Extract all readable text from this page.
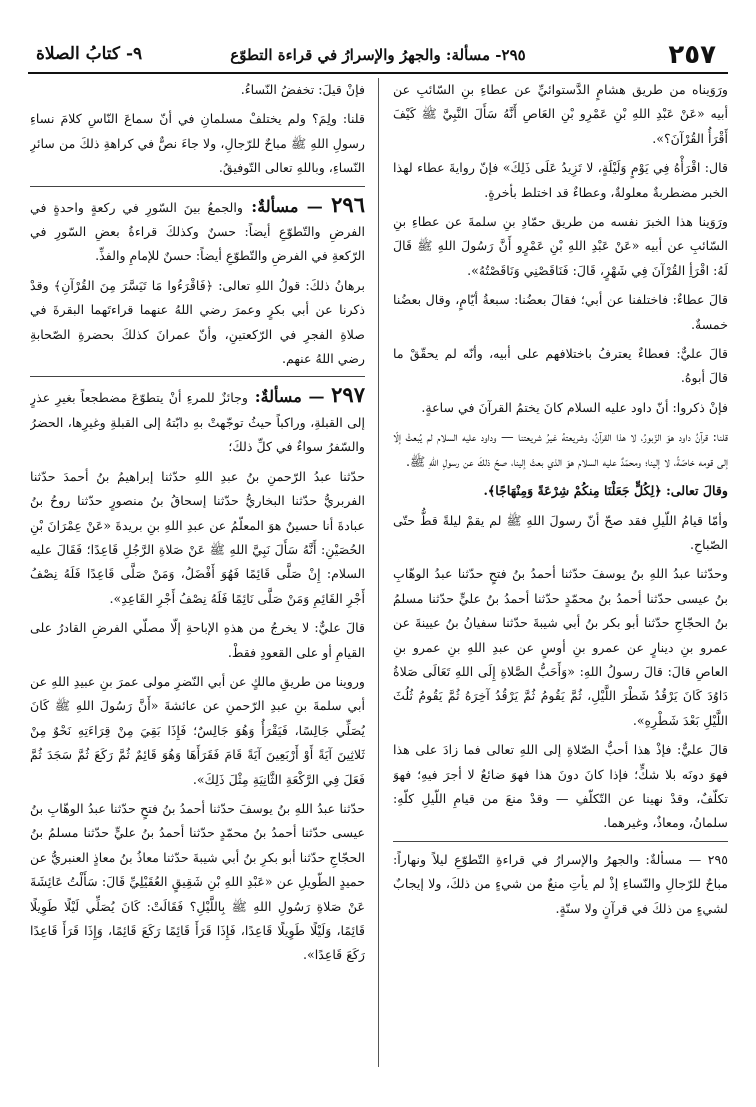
٢٥٧
٢٩٥- مسألة: والجهرُ والإسرارُ في قراءة التطوّع
٩- كتابُ الصلاة

ورَوَيناه من طريق هشامٍ الدَّستوائيِّ عن عطاءِ بنِ السّائبِ عن أبيه «عَنْ عَبْدِ اللهِ بْنِ عَمْرِو بْنِ العَاصِ أَنَّهُ سَأَلَ النَّبِيَّ ﷺ كَيْفَ أَقْرَأُ القُرْآنَ؟».

قال: اقْرَأْهُ فِي يَوْمٍ وَلَيْلَةٍ، لا تَزِيدُ عَلَى ذَلِكَ» فإنّ روايةَ عطاء لهذا الخبر مضطربةٌ معلولةٌ، وعطاءٌ قد اختلط بأخرةٍ.

ورَوَينا هذا الخبرَ نفسه من طريق حمّادِ بنِ سلمةَ عن عطاءِ بنِ السّائبِ عن أبيه «عَنْ عَبْدِ اللهِ بْنِ عَمْرٍو أَنَّ رَسُولَ اللهِ ﷺ قَالَ لَهُ: اقْرَأِ القُرْآنَ فِي شَهْرٍ، قَالَ: فَنَاقَصْنِي وَنَاقَصْتُهُ».

قالَ عطاءٌ: فاختلفنا عن أبي؛ فقالَ بعضُنا: سبعةُ أيّامٍ، وقال بعضُنا خمسةٌ.

قالَ عليٌّ: فعطاءٌ يعترفُ باختلافهم على أبيه، وأنّه لم يحقّقْ ما قالَ أبوهُ.

فإنْ ذكروا: أنّ داود عليه السلام كانَ يختمُ القرآنَ في ساعةٍ.

قلنا: قرآنُ داود هوَ الزّبورُ، لا هذا القرآنُ، وشريعتهُ غيرُ شريعتنا — وداود عليه السلام لم يُبعثْ إلّا إلى قومه خاصّةً، لا إلينا؛ ومحمّدٌ عليه السلام هوَ الذي بعثَ إلينا، صحّ ذلكَ عن رسولِ اللهِ ﷺ.

وقالَ تعالى: ﴿لِكُلٍّ جَعَلْنَا مِنكُمْ شِرْعَةً وَمِنْهَاجًا﴾.

وأمّا قيامُ اللّيلِ فقد صحّ أنّ رسولَ اللهِ ﷺ لم يقمْ ليلةً قطُّ حتّى الصّباحِ.

وحدّثنا عبدُ اللهِ بنُ يوسفَ حدّثنا أحمدُ بنُ فتحٍ حدّثنا عبدُ الوهّابِ بنُ عيسى حدّثنا أحمدُ بنُ محمّدٍ حدّثنا أحمدُ بنُ عليٍّ حدّثنا مسلمُ بنُ الحجّاجِ حدّثنا أبو بكر بنُ أبي شيبةَ حدّثنا سفيانُ بنُ عيينةَ عن عمرو بنِ دينارٍ عن عمرو بنِ أوسٍ عن عبدِ اللهِ بنِ عمرو بنِ العاصِ قالَ: قالَ رسولُ اللهِ: «وَأَحَبُّ الصَّلاةِ إِلَى اللهِ تَعَالَى صَلاةُ دَاوُدَ كَانَ يَرْقُدُ شَطْرَ اللَّيْلِ، ثُمَّ يَقُومُ ثُمَّ يَرْقُدُ آخِرَهُ ثُمَّ يَقُومُ ثُلُثَ اللَّيْلِ بَعْدَ شَطْرِهِ».

قالَ عليٌّ: فإذْ هذا أحبُّ الصّلاةِ إلى اللهِ تعالى فما زادَ على هذا فهوَ دونَه بلا شكٍّ؛ فإذا كانَ دونَ هذا فهوَ ضائعٌ لا أجرَ فيهِ؛ فهوَ تكلّفٌ، وقدْ نهينا عن التّكلّفِ — وقدْ منعَ من قيامِ اللّيلِ كلّهِ: سلمانُ، ومعاذٌ، وغيرهما.

٢٩٥ — مسألةٌ: والجهرُ والإسرارُ في قراءةِ التّطوّعِ ليلاً ونهاراً: مباحٌ للرّجالِ والنّساءِ إذْ لم يأتِ منعٌ من شيءٍ من ذلكَ، ولا إيجابٌ لشيءٍ من ذلكَ في قرآنٍ ولا سنّةٍ.

فإنْ قيلَ: تخفضُ النّساءُ.

قلنا: ولِمَ؟ ولم يختلفْ مسلمانِ في أنّ سماعَ النّاسِ كلامَ نساءِ رسولِ اللهِ ﷺ مباحٌ للرّجالِ، ولا جاءَ نصٌّ في كراهةِ ذلكَ من سائرِ النّساءِ، وباللهِ تعالى التّوفيقُ.

٢٩٦ — مسألةٌ: والجمعُ بينَ السّورِ في ركعةٍ واحدةٍ في الفرضِ والتّطوّعِ أيضاً: حسنٌ وكذلكَ قراءةُ بعضِ السّورِ في الرّكعةِ في الفرضِ والتّطوّعِ أيضاً: حسنٌ للإمامِ والفذِّ.

برهانُ ذلكَ: قولُ اللهِ تعالى: ﴿فَاقْرَءُوا مَا تَيَسَّرَ مِنَ القُرْآنِ﴾ وقدْ ذكرنا عن أبي بكرٍ وعمرَ رضي اللهُ عنهما قراءتَهما البقرةَ في صلاةِ الفجرِ في الرّكعتينِ، وأنّ عمرانَ كذلكَ بحضرةِ الصّحابةِ رضي اللهُ عنهم.

٢٩٧ — مسألةٌ: وجائزٌ للمرءِ أنْ يتطوّعَ مضطجعاً بغيرِ عذرٍ إلى القبلةِ، وراكباً حيثُ توجّهتْ بهِ دابّتهُ إلى القبلةِ وغيرِها، الحضرُ والسّفرُ سواءٌ في كلِّ ذلكَ؛

حدّثنا عبدُ الرّحمنِ بنُ عبدِ اللهِ حدّثنا إبراهيمُ بنُ أحمدَ حدّثنا الفربريُّ حدّثنا البخاريُّ حدّثنا إسحاقُ بنُ منصورٍ حدّثنا روحُ بنُ عبادةَ أنا حسينٌ هوَ المعلّمُ عن عبدِ اللهِ بنِ بريدةَ «عَنْ عِمْرَانَ بْنِ الحُصَيْنِ: أَنَّهُ سَأَلَ نَبِيَّ اللهِ ﷺ عَنْ صَلاةِ الرَّجُلِ قَاعِدًا؛ فَقَالَ عليه السلام: إِنْ صَلَّى قَائِمًا فَهُوَ أَفْضَلُ، وَمَنْ صَلَّى قَاعِدًا فَلَهُ نِصْفُ أَجْرِ القَائِمِ وَمَنْ صَلَّى نَائِمًا فَلَهُ نِصْفُ أَجْرِ القَاعِدِ».

قالَ عليٌّ: لا يخرجُ من هذهِ الإباحةِ إلّا مصلّي الفرضِ القادرُ على القيامِ أو على القعودِ فقطْ.

وروينا من طريقِ مالكٍ عن أبي النّضرِ مولى عمرَ بنِ عبيدِ اللهِ عن أبي سلمةَ بنِ عبدِ الرّحمنِ عن عائشةَ «أَنَّ رَسُولَ اللهِ ﷺ كَانَ يُصَلِّي جَالِسًا، فَيَقْرَأُ وَهُوَ جَالِسٌ؛ فَإِذَا بَقِيَ مِنْ قِرَاءَتِهِ نَحْوٌ مِنْ ثَلاثِينَ آيَةً أَوْ أَرْبَعِينَ آيَةً قَامَ فَقَرَأَهَا وَهُوَ قَائِمٌ ثُمَّ رَكَعَ ثُمَّ سَجَدَ ثُمَّ فَعَلَ فِي الرَّكْعَةِ الثَّانِيَةِ مِثْلَ ذَلِكَ».

حدّثنا عبدُ اللهِ بنُ يوسفَ حدّثنا أحمدُ بنُ فتحٍ حدّثنا عبدُ الوهّابِ بنُ عيسى حدّثنا أحمدُ بنُ محمّدٍ حدّثنا أحمدُ بنُ عليٍّ حدّثنا مسلمُ بنُ الحجّاجِ حدّثنا أبو بكرِ بنُ أبي شيبةَ حدّثنا معاذُ بنُ معاذٍ العنبريُّ عن حميدٍ الطّويلِ عن «عَبْدِ اللهِ بْنِ شَقِيقٍ العُقَيْلِيِّ قَالَ: سَأَلْتُ عَائِشَةَ عَنْ صَلاةِ رَسُولِ اللهِ ﷺ بِاللَّيْلِ؟ فَقَالَتْ: كَانَ يُصَلِّي لَيْلًا طَوِيلًا قَائِمًا، وَلَيْلًا طَوِيلًا قَاعِدًا، فَإِذَا قَرَأَ قَائِمًا رَكَعَ قَائِمًا، وَإِذَا قَرَأَ قَاعِدًا رَكَعَ قَاعِدًا».
